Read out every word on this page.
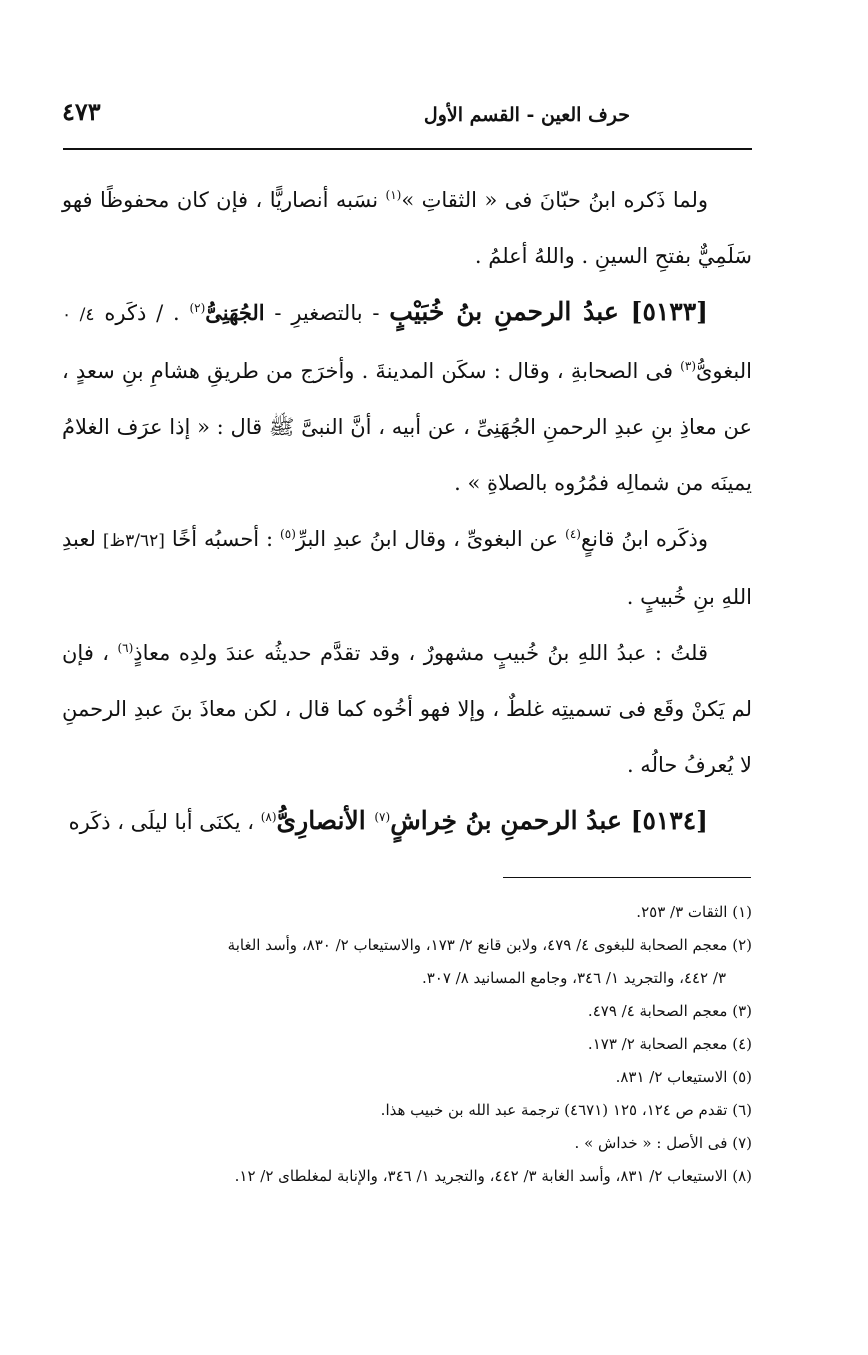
حرف العين - القسم الأول
٤٧٣

ولما ذَكره ابنُ حبّانَ فى « الثقاتِ »$^{(١)}$ نسَبه أنصاريًّا ، فإن كان محفوظًا فهو سَلَمِيٌّ بفتحِ السينِ . واللهُ أعلمُ .

[٥١٣٣] عبدُ الرحمنِ بنُ خُبَيْبٍ - بالتصغيرِ - الجُهَنِىُّ$^{(٢)}$ . / ذكَره ٤/ ٠ البغوىُّ$^{(٣)}$ فى الصحابةِ ، وقال : سكَن المدينةَ . وأخرَج من طريقِ هشامِ بنِ سعدٍ ، عن معاذِ بنِ عبدِ الرحمنِ الجُهَنِىِّ ، عن أبيه ، أنَّ النبىَّ ﷺ قال : « إذا عرَف الغلامُ يمينَه من شمالِه فمُرُوه بالصلاةِ » .

وذكَره ابنُ قانعٍ$^{(٤)}$ عن البغوىِّ ، وقال ابنُ عبدِ البرِّ$^{(٥)}$ : أحسبُه أخًا [٣/٦٢ظ] لعبدِ اللهِ بنِ خُبيبٍ .

قلتُ : عبدُ اللهِ بنُ خُبيبٍ مشهورٌ ، وقد تقدَّم حديثُه عندَ ولدِه معاذٍ$^{(٦)}$ ، فإن لم يَكنْ وقَع فى تسميتِه غلطٌ ، وإلا فهو أخُوه كما قال ، لكن معاذَ بنَ عبدِ الرحمنِ لا يُعرفُ حالُه .

[٥١٣٤] عبدُ الرحمنِ بنُ خِراشٍ$^{(٧)}$ الأنصارِىُّ$^{(٨)}$ ، يكنَى أبا ليلَى ، ذكَره

(١) الثقات ٣/ ٢٥٣.

(٢) معجم الصحابة للبغوى ٤/ ٤٧٩، ولابن قانع ٢/ ١٧٣، والاستيعاب ٢/ ٨٣٠، وأسد الغابة

٣/ ٤٤٢، والتجريد ١/ ٣٤٦، وجامع المسانيد ٨/ ٣٠٧.

(٣) معجم الصحابة ٤/ ٤٧٩.

(٤) معجم الصحابة ٢/ ١٧٣.

(٥) الاستيعاب ٢/ ٨٣١.

(٦) تقدم ص ١٢٤، ١٢٥ (٤٦٧١) ترجمة عبد الله بن خبيب هذا.

(٧) فى الأصل : « خداش » .

(٨) الاستيعاب ٢/ ٨٣١، وأسد الغابة ٣/ ٤٤٢، والتجريد ١/ ٣٤٦، والإنابة لمغلطاى ٢/ ١٢.
